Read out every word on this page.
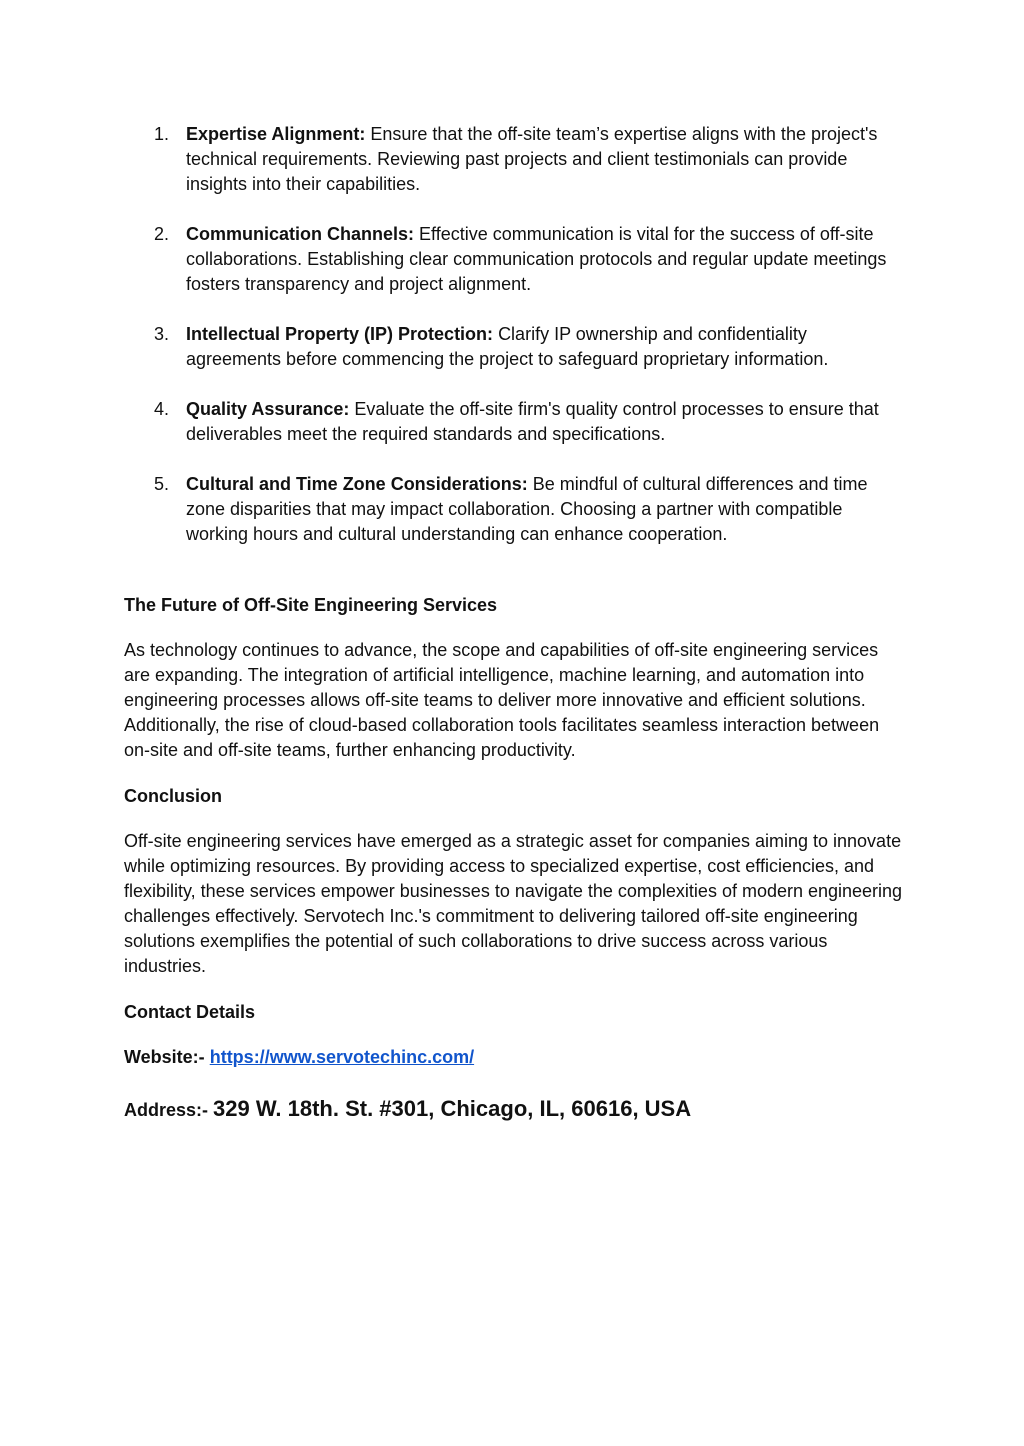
1. Expertise Alignment: Ensure that the off-site team’s expertise aligns with the project's technical requirements. Reviewing past projects and client testimonials can provide insights into their capabilities.
2. Communication Channels: Effective communication is vital for the success of off-site collaborations. Establishing clear communication protocols and regular update meetings fosters transparency and project alignment.
3. Intellectual Property (IP) Protection: Clarify IP ownership and confidentiality agreements before commencing the project to safeguard proprietary information.
4. Quality Assurance: Evaluate the off-site firm's quality control processes to ensure that deliverables meet the required standards and specifications.
5. Cultural and Time Zone Considerations: Be mindful of cultural differences and time zone disparities that may impact collaboration. Choosing a partner with compatible working hours and cultural understanding can enhance cooperation.
The Future of Off-Site Engineering Services

As technology continues to advance, the scope and capabilities of off-site engineering services are expanding. The integration of artificial intelligence, machine learning, and automation into engineering processes allows off-site teams to deliver more innovative and efficient solutions. Additionally, the rise of cloud-based collaboration tools facilitates seamless interaction between on-site and off-site teams, further enhancing productivity.

Conclusion

Off-site engineering services have emerged as a strategic asset for companies aiming to innovate while optimizing resources. By providing access to specialized expertise, cost efficiencies, and flexibility, these services empower businesses to navigate the complexities of modern engineering challenges effectively. Servotech Inc.'s commitment to delivering tailored off-site engineering solutions exemplifies the potential of such collaborations to drive success across various industries.

Contact Details
Website:- https://www.servotechinc.com/
Address:- 329 W. 18th. St. #301, Chicago, IL, 60616, USA
